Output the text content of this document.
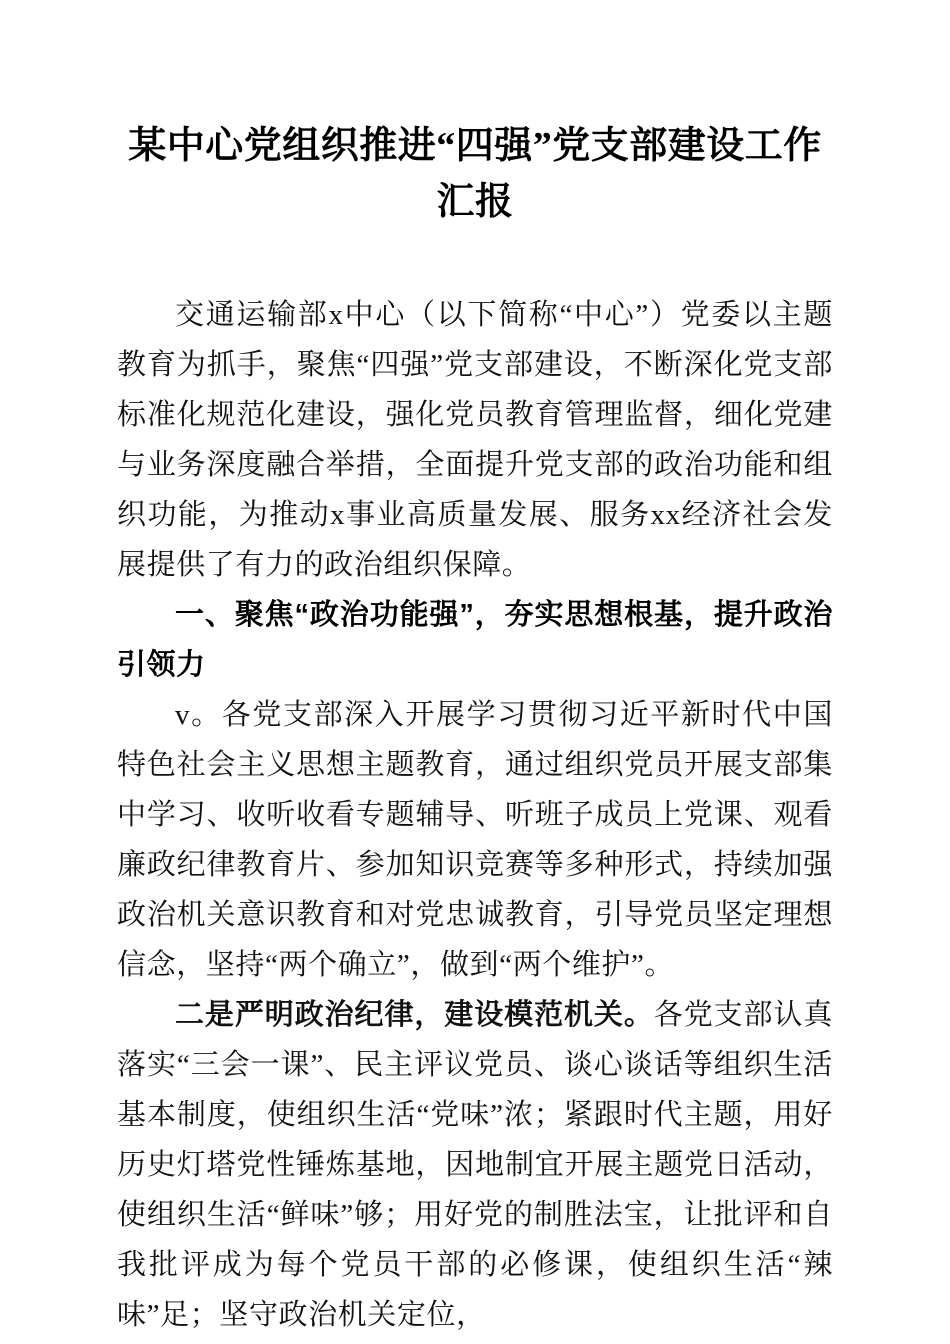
某中心党组织推进“四强”党支部建设工作汇报

交通运输部x中心（以下简称“中心”）党委以主题教育为抓手，聚焦“四强”党支部建设，不断深化党支部标准化规范化建设，强化党员教育管理监督，细化党建与业务深度融合举措，全面提升党支部的政治功能和组织功能，为推动x事业高质量发展、服务xx经济社会发展提供了有力的政治组织保障。

一、聚焦“政治功能强”，夯实思想根基，提升政治引领力

v。各党支部深入开展学习贯彻习近平新时代中国特色社会主义思想主题教育，通过组织党员开展支部集中学习、收听收看专题辅导、听班子成员上党课、观看廉政纪律教育片、参加知识竞赛等多种形式，持续加强政治机关意识教育和对党忠诚教育，引导党员坚定理想信念，坚持“两个确立”，做到“两个维护”。

二是严明政治纪律，建设模范机关。各党支部认真落实“三会一课”、民主评议党员、谈心谈话等组织生活基本制度，使组织生活“党味”浓；紧跟时代主题，用好历史灯塔党性锤炼基地，因地制宜开展主题党日活动，使组织生活“鲜味”够；用好党的制胜法宝，让批评和自我批评成为每个党员干部的必修课，使组织生活“辣味”足；坚守政治机关定位，
